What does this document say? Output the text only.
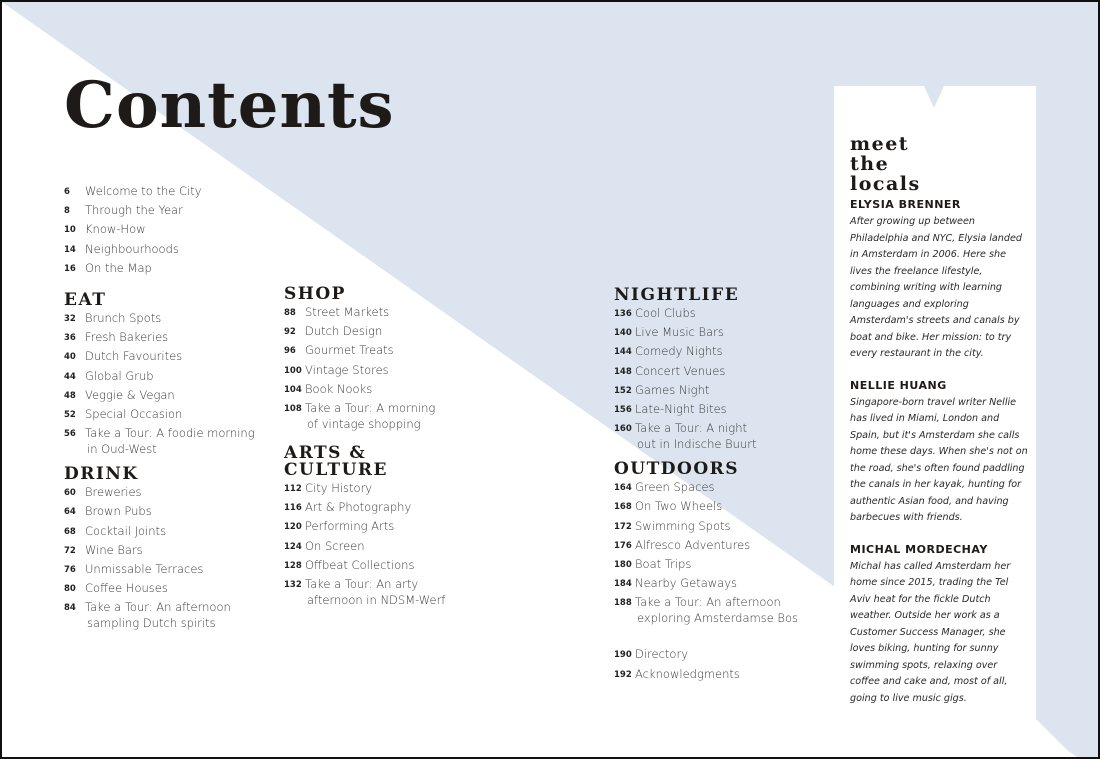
Contents
6	Welcome to the City
8	Through the Year
10 Know-How
14 Neighbourhoods
16 On the Map
EAT
32 Brunch Spots
36 Fresh Bakeries
40 Dutch Favourites
44 Global Grub
48 Veggie & Vegan
52 Special Occasion
56 Take a Tour: A foodie morning
in Oud-West
DRINK
60 Breweries
64 Brown Pubs
68 Cocktail Joints
72 Wine Bars
76 Unmissable Terraces
80 Coffee Houses
84 Take a Tour: An afternoon
sampling Dutch spirits
SHOP
88 Street Markets
92 Dutch Design
96 Gourmet Treats
100 Vintage Stores
104 Book Nooks
108 Take a Tour: A morning
of vintage shopping
ARTS &
CULTURE
112 City History
116 Art & Photography
120 Performing Arts
124 On Screen
128 Offbeat Collections
132 Take a Tour: An arty
afternoon in NDSM-Werf
NIGHTLIFE
136 Cool Clubs
140 Live Music Bars
144 Comedy Nights
148 Concert Venues
152 Games Night
156 Late-Night Bites
160 Take a Tour: A night
out in Indische Buurt
OUTDOORS
164 Green Spaces
168 On Two Wheels
172 Swimming Spots
176 Alfresco Adventures
180 Boat Trips
184 Nearby Getaways
188 Take a Tour: An afternoon
exploring Amsterdamse Bos
190 Directory
192 Acknowledgments
meet
the
locals
ELYSIA BRENNER

After growing up between Philadelphia and NYC, Elysia landed in Amsterdam in 2006. Here she lives the freelance lifestyle, combining writing with learning languages and exploring Amsterdam's streets and canals by boat and bike. Her mission: to try every restaurant in the city.

NELLIE HUANG

Singapore-born travel writer Nellie has lived in Miami, London and Spain, but it's Amsterdam she calls home these days. When she's not on the road, she's often found paddling the canals in her kayak, hunting for authentic Asian food, and having barbecues with friends.

MICHAL MORDECHAY

Michal has called Amsterdam her home since 2015, trading the Tel Aviv heat for the fickle Dutch weather. Outside her work as a Customer Success Manager, she loves biking, hunting for sunny swimming spots, relaxing over coffee and cake and, most of all, going to live music gigs.
